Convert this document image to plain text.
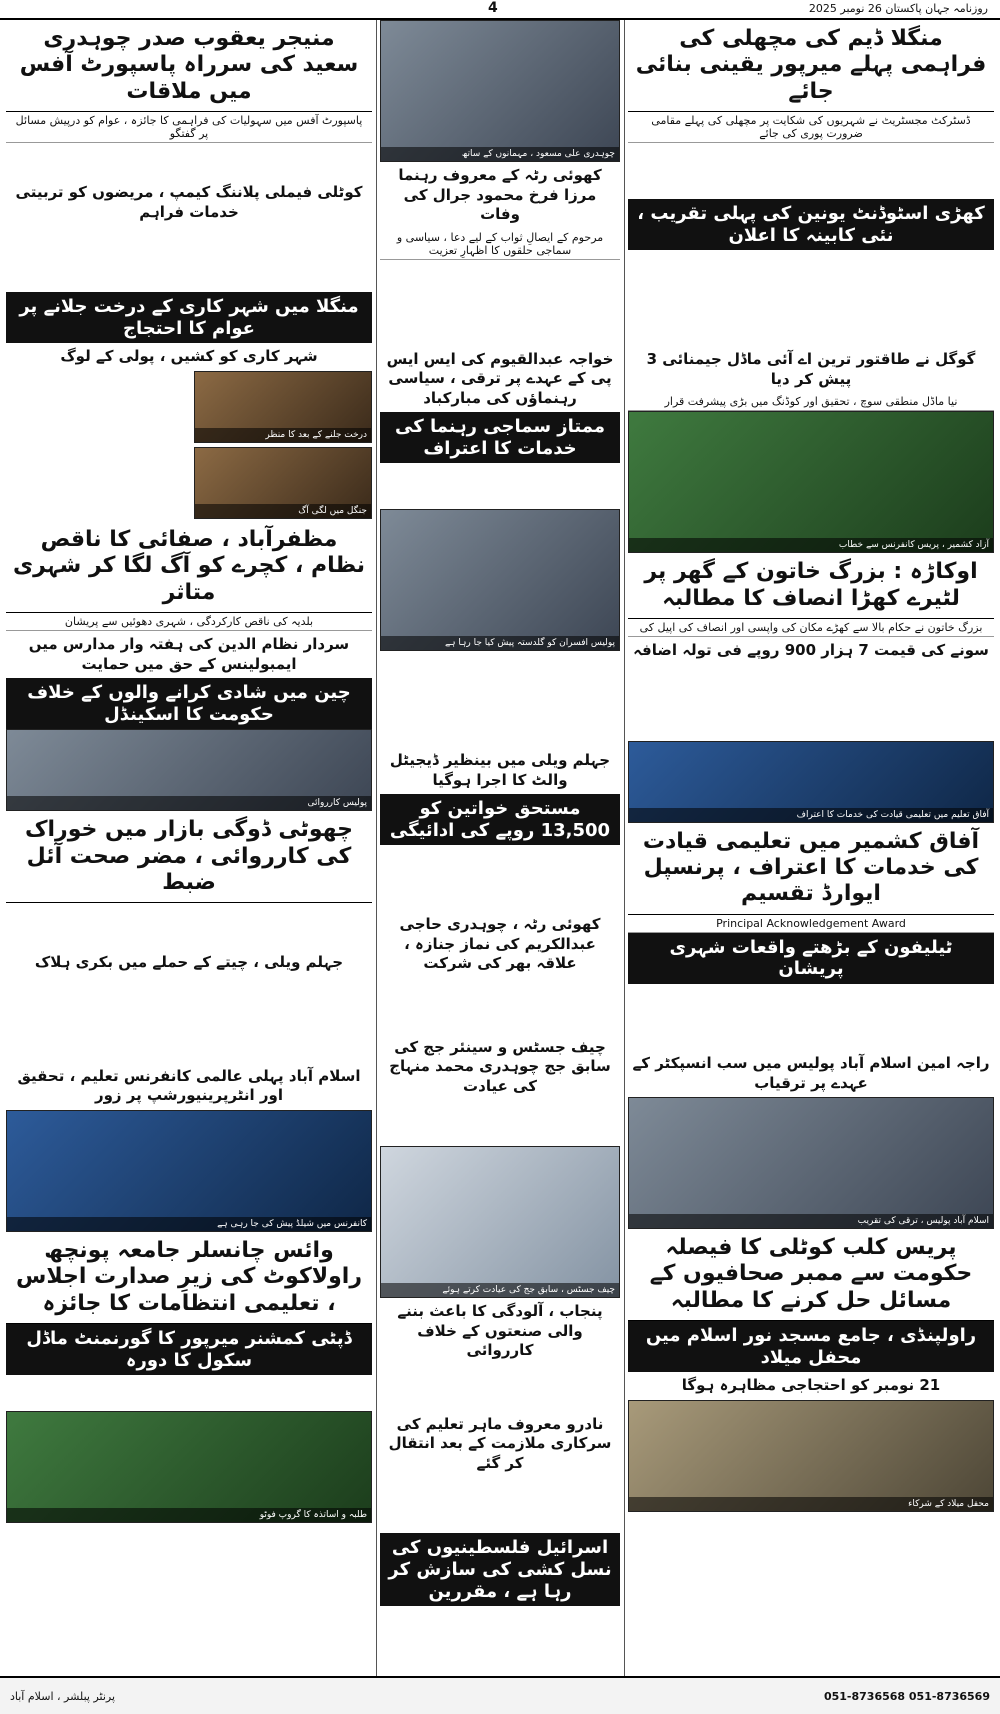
4	روزنامہ جہان پاکستان 26 نومبر 2025
منگلا ڈیم کی مچھلی کی فراہمی پہلے میرپور یقینی بنائی جائے
ڈسٹرکٹ مجسٹریٹ نے شہریوں کی شکایت پر مچھلی کی پہلے مقامی ضرورت پوری کی جائے
کھڑی اسٹوڈنٹ یونین کی پہلی تقریب ، نئی کابینہ کا اعلان
گوگل نے طاقتور ترین اے آئی ماڈل جیمنائی 3 پیش کر دیا
نیا ماڈل منطقی سوچ ، تحقیق اور کوڈنگ میں بڑی پیشرفت قرار
آزاد کشمیر ، پریس کانفرنس سے خطاب
اوکاڑہ : بزرگ خاتون کے گھر پر لٹیرے کھڑا انصاف کا مطالبہ
بزرگ خاتون نے حکام بالا سے کھڑے مکان کی واپسی اور انصاف کی اپیل کی
سونے کی قیمت 7 ہزار 900 روپے فی تولہ اضافہ
آفاق تعلیم میں تعلیمی قیادت کی خدمات کا اعتراف
آفاق کشمیر میں تعلیمی قیادت کی خدمات کا اعتراف ، پرنسپل ایوارڈ تقسیم
Principal Acknowledgement Award
ٹیلیفون کے بڑھتے واقعات شہری پریشان
راجہ امین اسلام آباد پولیس میں سب انسپکٹر کے عہدے پر ترقیاب
اسلام آباد پولیس ، ترقی کی تقریب
پریس کلب کوٹلی کا فیصلہ حکومت سے ممبر صحافیوں کے مسائل حل کرنے کا مطالبہ
راولپنڈی ، جامع مسجد نور اسلام میں محفل میلاد
21 نومبر کو احتجاجی مظاہرہ ہوگا
محفل میلاد کے شرکاء
چوہدری علی مسعود ، مہمانوں کے ساتھ
کھوئی رٹہ کے معروف رہنما مرزا فرخ محمود جرال کی وفات
مرحوم کے ایصالِ ثواب کے لیے دعا ، سیاسی و سماجی حلقوں کا اظہارِ تعزیت
خواجہ عبدالقیوم کی ایس ایس پی کے عہدے پر ترقی ، سیاسی رہنماؤں کی مبارکباد
ممتاز سماجی رہنما کی خدمات کا اعتراف
پولیس افسران کو گلدستہ پیش کیا جا رہا ہے
جہلم ویلی میں بینظیر ڈیجیٹل والٹ کا اجرا ہوگیا
مستحق خواتین کو 13,500 روپے کی ادائیگی
کھوئی رٹہ ، چوہدری حاجی عبدالکریم کی نماز جنازہ ، علاقہ بھر کی شرکت
چیف جسٹس و سینئر جج کی سابق جج چوہدری محمد منہاج کی عیادت
چیف جسٹس ، سابق جج کی عیادت کرتے ہوئے
پنجاب ، آلودگی کا باعث بننے والی صنعتوں کے خلاف کارروائی
نادرو معروف ماہر تعلیم کی سرکاری ملازمت کے بعد انتقال کر گئے
اسرائیل فلسطینیوں کی نسل کشی کی سازش کر رہا ہے ، مقررین
منیجر یعقوب صدر چوہدری سعید کی سرراہ پاسپورٹ آفس میں ملاقات
پاسپورٹ آفس میں سہولیات کی فراہمی کا جائزہ ، عوام کو درپیش مسائل پر گفتگو
کوٹلی فیملی پلاننگ کیمپ ، مریضوں کو تربیتی خدمات فراہم
منگلا میں شہر کاری کے درخت جلانے پر عوام کا احتجاج
شہر کاری کو کشیں ، پولی کے لوگ
درخت جلنے کے بعد کا منظر
جنگل میں لگی آگ
مظفرآباد ، صفائی کا ناقص نظام ، کچرے کو آگ لگا کر شہری متاثر
بلدیہ کی ناقص کارکردگی ، شہری دھوئیں سے پریشان
سردار نظام الدین کی ہفتہ وار مدارس میں ایمبولینس کے حق میں حمایت
چین میں شادی کرانے والوں کے خلاف حکومت کا اسکینڈل
پولیس کارروائی
چھوٹی ڈوگی بازار میں خوراک کی کارروائی ، مضر صحت آئل ضبط
جہلم ویلی ، چیتے کے حملے میں بکری ہلاک
اسلام آباد پہلی عالمی کانفرنس تعلیم ، تحقیق اور انٹرپرینیورشپ پر زور
کانفرنس میں شیلڈ پیش کی جا رہی ہے
وائس چانسلر جامعہ پونچھ راولاکوٹ کی زیرِ صدارت اجلاس ، تعلیمی انتظامات کا جائزہ
ڈپٹی کمشنر میرپور کا گورنمنٹ ماڈل سکول کا دورہ
طلبہ و اساتذہ کا گروپ فوٹو
051-8736568 051-8736569
پرنٹر پبلشر ، اسلام آباد
